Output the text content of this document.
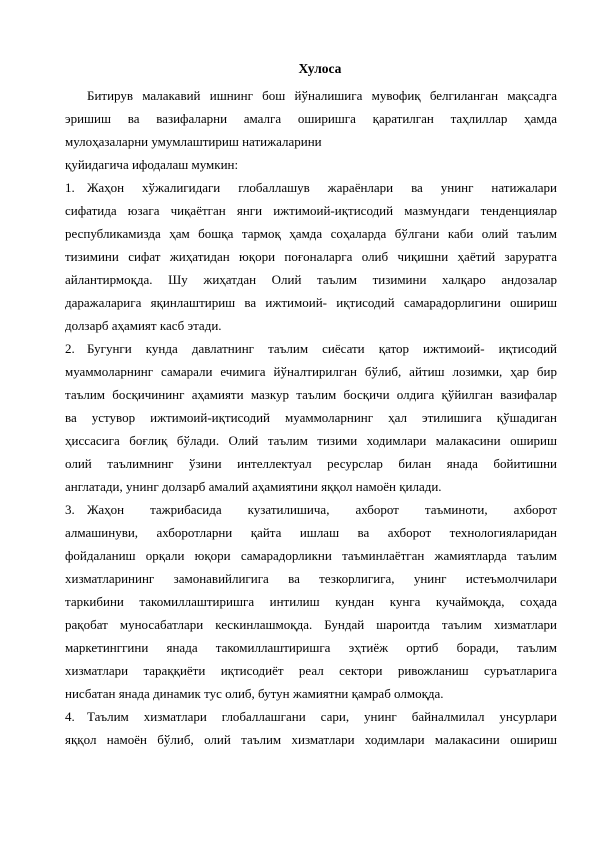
Хулоса

Битирув малакавий ишнинг бош йўналишига мувофиқ белгиланган мақсадга

эришиш ва вазифаларни амалга оширишга қаратилган таҳлиллар ҳамда

мулоҳазаларни умумлаштириш натижаларини

қуйидагича ифодалаш мумкин:

1. Жаҳон хўжалигидаги глобаллашув жараёнлари ва унинг натижалари

сифатида юзага чиқаётган янги ижтимоий-иқтисодий мазмундаги тенденциялар

республикамизда ҳам бошқа тармоқ ҳамда соҳаларда бўлгани каби олий таълим

тизимини сифат жиҳатидан юқори поғоналарга олиб чиқишни ҳаётий заруратга

айлантирмоқда. Шу жиҳатдан Олий таълим тизимини халқаро андозалар

даражаларига яқинлаштириш ва ижтимоий- иқтисодий самарадорлигини ошириш

долзарб аҳамият касб этади.

2. Бугунги кунда давлатнинг таълим сиёсати қатор ижтимоий- иқтисодий

муаммоларнинг самарали ечимига йўналтирилган бўлиб, айтиш лозимки, ҳар бир

таълим босқичининг аҳамияти мазкур таълим босқичи олдига қўйилган вазифалар

ва устувор ижтимоий-иқтисодий муаммоларнинг ҳал этилишига қўшадиган

ҳиссасига боғлиқ бўлади. Олий таълим тизими ходимлари малакасини ошириш

олий таълимнинг ўзини интеллектуал ресурслар билан янада бойитишни

англатади, унинг долзарб амалий аҳамиятини яққол намоён қилади.

3. Жаҳон тажрибасида кузатилишича, ахборот таъминоти, ахборот

алмашинуви, ахборотларни қайта ишлаш ва ахборот технологияларидан

фойдаланиш орқали юқори самарадорликни таъминлаётган жамиятларда таълим

хизматларининг замонавийлигига ва тезкорлигига, унинг истеъмолчилари

таркибини такомиллаштиришга интилиш кундан кунга кучаймоқда, соҳада

рақобат муносабатлари кескинлашмоқда. Бундай шароитда таълим хизматлари

маркетинггини янада такомиллаштиришга эҳтиёж ортиб боради, таълим

хизматлари тараққиёти иқтисодиёт реал сектори ривожланиш суръатларига

нисбатан янада динамик тус олиб, бутун жамиятни қамраб олмоқда.

4. Таълим хизматлари глобаллашгани сари, унинг байналмилал унсурлари

яққол намоён бўлиб, олий таълим хизматлари ходимлари малакасини ошириш
